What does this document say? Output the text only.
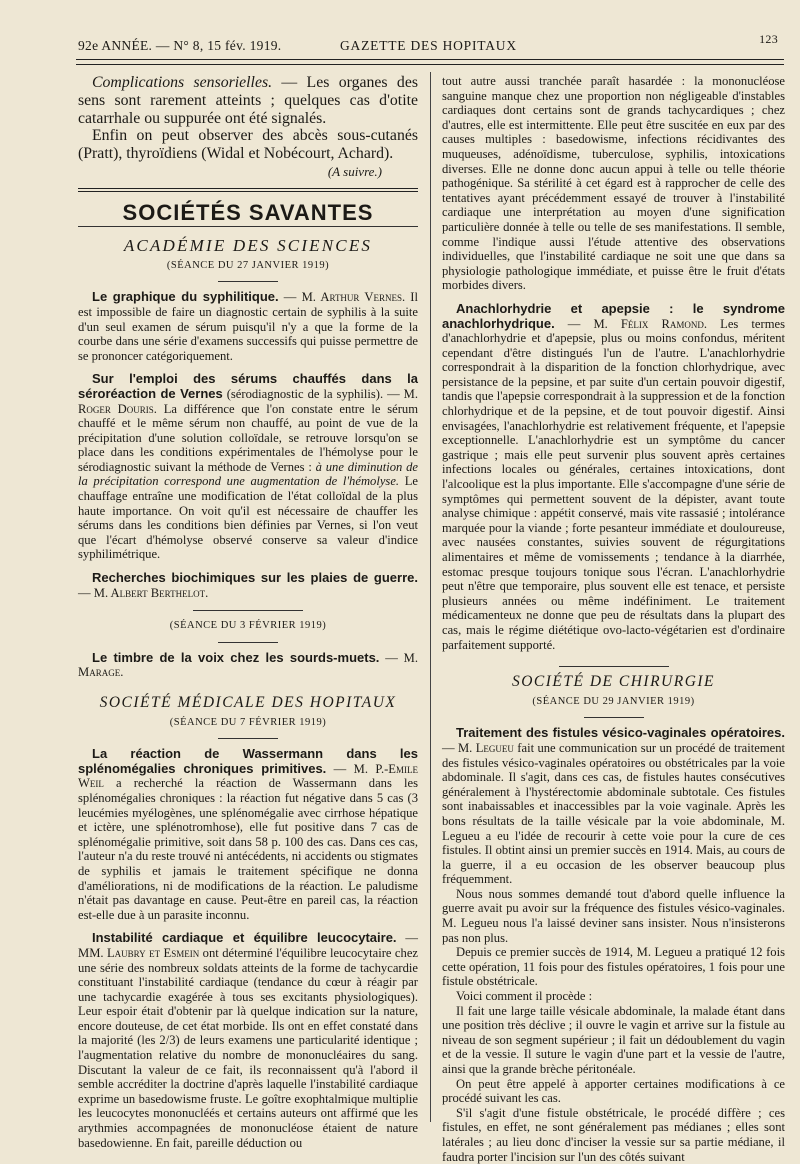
92e ANNÉE. — N° 8, 15 fév. 1919.	GAZETTE DES HOPITAUX	123

Complications sensorielles. — Les organes des sens sont rarement atteints ; quelques cas d'otite catarrhale ou suppurée ont été signalés.

Enfin on peut observer des abcès sous-cutanés (Pratt), thyroïdiens (Widal et Nobécourt, Achard).

(A suivre.)

SOCIÉTÉS SAVANTES
ACADÉMIE DES SCIENCES
(SÉANCE DU 27 JANVIER 1919)

Le graphique du syphilitique. — M. Arthur Vernes. Il est impossible de faire un diagnostic certain de syphilis à la suite d'un seul examen de sérum puisqu'il n'y a que la forme de la courbe dans une série d'examens successifs qui puisse permettre de se prononcer catégoriquement.

Sur l'emploi des sérums chauffés dans la séroréaction de Vernes (sérodiagnostic de la syphilis). — M. Roger Douris. La différence que l'on constate entre le sérum chauffé et le même sérum non chauffé, au point de vue de la précipitation d'une solution colloïdale, se retrouve lorsqu'on se place dans les conditions expérimentales de l'hémolyse pour le sérodiagnostic suivant la méthode de Vernes : à une diminution de la précipitation correspond une augmentation de l'hémolyse. Le chauffage entraîne une modification de l'état colloïdal de la plus haute importance. On voit qu'il est nécessaire de chauffer les sérums dans les conditions bien définies par Vernes, si l'on veut que l'écart d'hémolyse observé conserve sa valeur d'indice syphilimétrique.

Recherches biochimiques sur les plaies de guerre. — M. Albert Berthelot.

(SÉANCE DU 3 FÉVRIER 1919)

Le timbre de la voix chez les sourds-muets. — M. Marage.

SOCIÉTÉ MÉDICALE DES HOPITAUX
(SÉANCE DU 7 FÉVRIER 1919)

La réaction de Wassermann dans les splénomégalies chroniques primitives. — M. P.-Emile Weil a recherché la réaction de Wassermann dans les splénomégalies chroniques : la réaction fut négative dans 5 cas (3 leucémies myélogènes, une splénomégalie avec cirrhose hépatique et ictère, une splénotromhose), elle fut positive dans 7 cas de splénomégalie primitive, soit dans 58 p. 100 des cas. Dans ces cas, l'auteur n'a du reste trouvé ni antécédents, ni accidents ou stigmates de syphilis et jamais le traitement spécifique ne donna d'améliorations, ni de modifications de la réaction. Le paludisme n'était pas davantage en cause. Peut-être en pareil cas, la réaction est-elle due à un parasite inconnu.

Instabilité cardiaque et équilibre leucocytaire. — MM. Laubry et Esmein ont déterminé l'équilibre leucocytaire chez une série des nombreux soldats atteints de la forme de tachycardie constituant l'instabilité cardiaque (tendance du cœur à réagir par une tachycardie exagérée à tous ses excitants physiologiques). Leur espoir était d'obtenir par là quelque indication sur la nature, encore douteuse, de cet état morbide. Ils ont en effet constaté dans la majorité (les 2/3) de leurs examens une particularité identique ; l'augmentation relative du nombre de mononucléaires du sang. Discutant la valeur de ce fait, ils reconnaissent qu'à l'abord il semble accréditer la doctrine d'après laquelle l'instabilité cardiaque exprime un basedowisme fruste. Le goître exophtalmique multiplie les leucocytes mononucléés et certains auteurs ont affirmé que les arythmies accompagnées de mononucléose étaient de nature basedowienne. En fait, pareille déduction ou

tout autre aussi tranchée paraît hasardée : la mononucléose sanguine manque chez une proportion non négligeable d'instables cardiaques dont certains sont de grands tachycardiques ; chez d'autres, elle est intermittente. Elle peut être suscitée en eux par des causes multiples : basedowisme, infections récidivantes des muqueuses, adénoïdisme, tuberculose, syphilis, intoxications diverses. Elle ne donne donc aucun appui à telle ou telle théorie pathogénique. Sa stérilité à cet égard est à rapprocher de celle des tentatives ayant précédemment essayé de trouver à l'instabilité cardiaque une interprétation au moyen d'une signification particulière donnée à telle ou telle de ses manifestations. Il semble, comme l'indique aussi l'étude attentive des observations individuelles, que l'instabilité cardiaque ne soit une que dans sa physiologie pathologique immédiate, et puisse être le fruit d'états morbides divers.

Anachlorhydrie et apepsie : le syndrome anachlorhydrique. — M. Félix Ramond. Les termes d'anachlorhydrie et d'apepsie, plus ou moins confondus, méritent cependant d'être distingués l'un de l'autre. L'anachlorhydrie correspondrait à la disparition de la fonction chlorhydrique, avec persistance de la pepsine, et par suite d'un certain pouvoir digestif, tandis que l'apepsie correspondrait à la suppression et de la fonction chlorhydrique et de la pepsine, et de tout pouvoir digestif. Ainsi envisagées, l'anachlorhydrie est relativement fréquente, et l'apepsie exceptionnelle. L'anachlorhydrie est un symptôme du cancer gastrique ; mais elle peut survenir plus souvent après certaines infections locales ou générales, certaines intoxications, dont l'alcoolique est la plus importante. Elle s'accompagne d'une série de symptômes qui permettent souvent de la dépister, avant toute analyse chimique : appétit conservé, mais vite rassasié ; intolérance marquée pour la viande ; forte pesanteur immédiate et douloureuse, avec nausées constantes, suivies souvent de régurgitations alimentaires et même de vomissements ; tendance à la diarrhée, estomac presque toujours tonique sous l'écran. L'anachlorhydrie peut n'être que temporaire, plus souvent elle est tenace, et persiste plusieurs années ou même indéfiniment. Le traitement médicamenteux ne donne que peu de résultats dans la plupart des cas, mais le régime diététique ovo-lacto-végétarien est d'ordinaire parfaitement supporté.

SOCIÉTÉ DE CHIRURGIE
(SÉANCE DU 29 JANVIER 1919)

Traitement des fistules vésico-vaginales opératoires. — M. Legueu fait une communication sur un procédé de traitement des fistules vésico-vaginales opératoires ou obstétricales par la voie abdominale. Il s'agit, dans ces cas, de fistules hautes consécutives généralement à l'hystérectomie abdominale subtotale. Ces fistules sont inabaissables et inaccessibles par la voie vaginale. Après les bons résultats de la taille vésicale par la voie abdominale, M. Legueu a eu l'idée de recourir à cette voie pour la cure de ces fistules. Il obtint ainsi un premier succès en 1914. Mais, au cours de la guerre, il a eu occasion de les observer beaucoup plus fréquemment.

Nous nous sommes demandé tout d'abord quelle influence la guerre avait pu avoir sur la fréquence des fistules vésico-vaginales. M. Legueu nous l'a laissé deviner sans insister. Nous n'insisterons pas non plus.

Depuis ce premier succès de 1914, M. Legueu a pratiqué 12 fois cette opération, 11 fois pour des fistules opératoires, 1 fois pour une fistule obstétricale.

Voici comment il procède :

Il fait une large taille vésicale abdominale, la malade étant dans une position très déclive ; il ouvre le vagin et arrive sur la fistule au niveau de son segment supérieur ; il fait un dédoublement du vagin et de la vessie. Il suture le vagin d'une part et la vessie de l'autre, ainsi que la grande brèche péritonéale.

On peut être appelé à apporter certaines modifications à ce procédé suivant les cas.

S'il s'agit d'une fistule obstétricale, le procédé diffère ; ces fistules, en effet, ne sont généralement pas médianes ; elles sont latérales ; au lieu donc d'inciser la vessie sur sa partie médiane, il faudra porter l'incision sur l'un des côtés suivant
